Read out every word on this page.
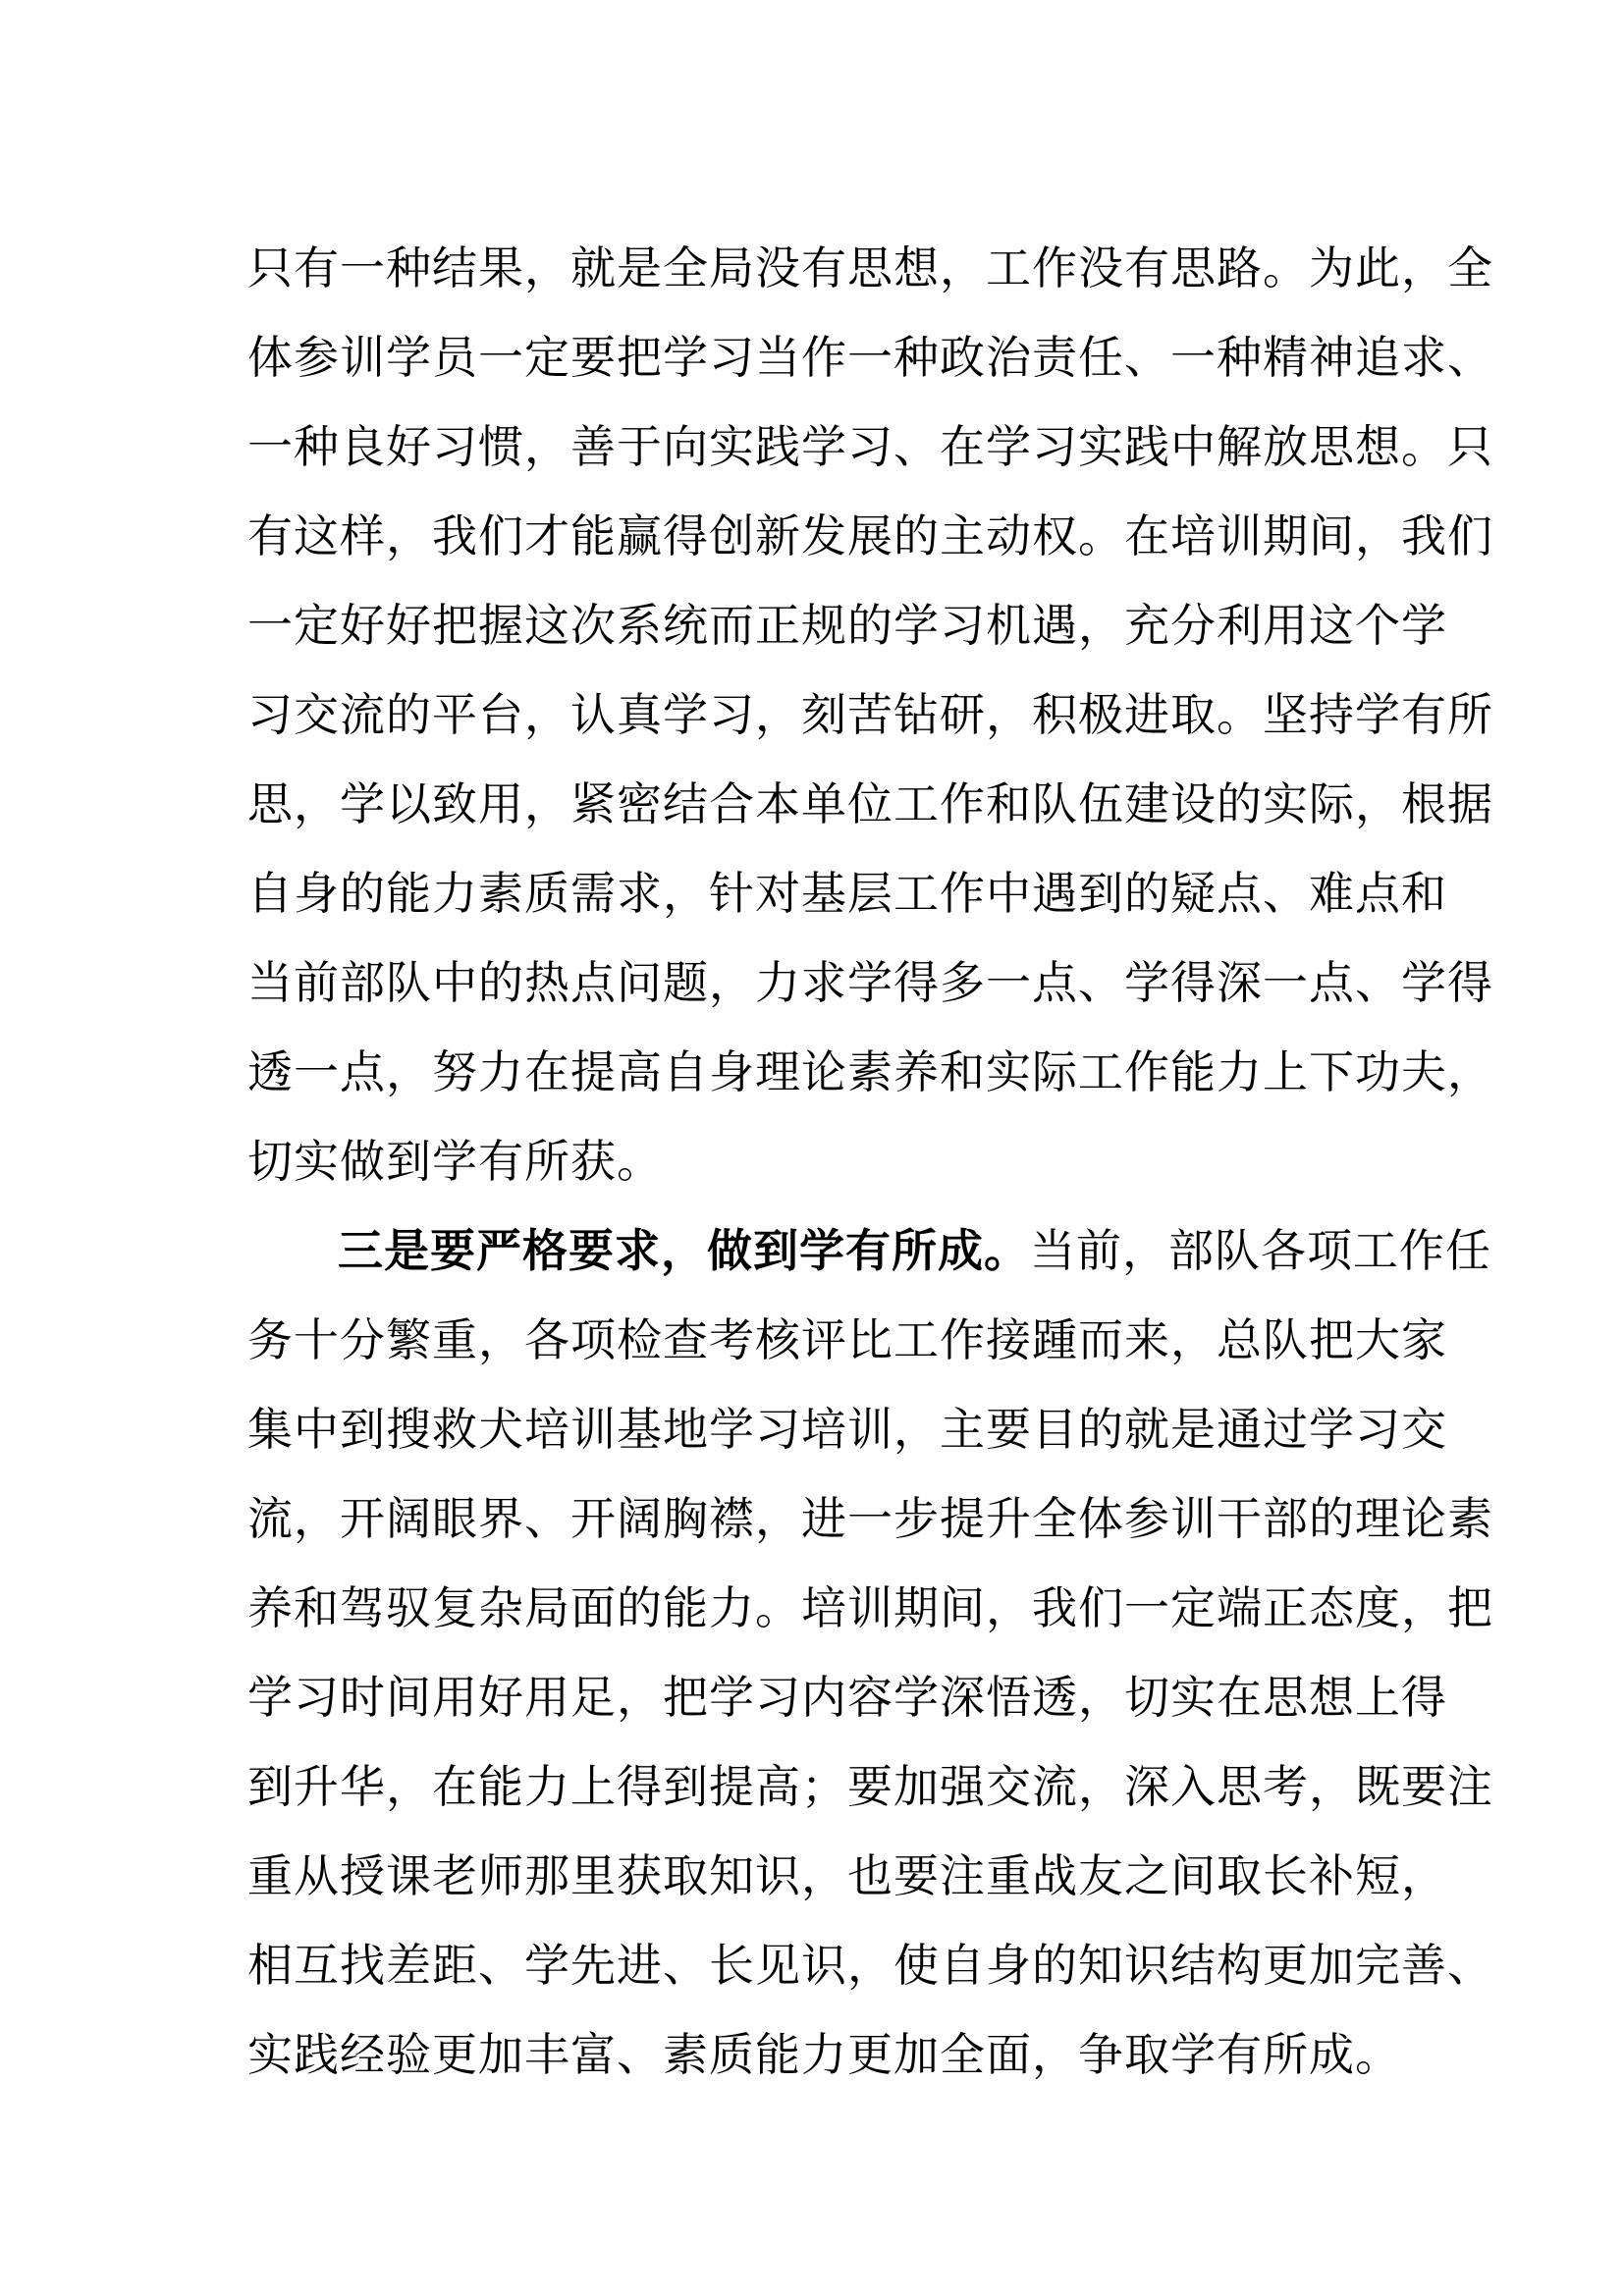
只有一种结果，就是全局没有思想，工作没有思路。为此，全
体参训学员一定要把学习当作一种政治责任、一种精神追求、
一种良好习惯，善于向实践学习、在学习实践中解放思想。只
有这样，我们才能赢得创新发展的主动权。在培训期间，我们
一定好好把握这次系统而正规的学习机遇，充分利用这个学
习交流的平台，认真学习，刻苦钻研，积极进取。坚持学有所
思，学以致用，紧密结合本单位工作和队伍建设的实际，根据
自身的能力素质需求，针对基层工作中遇到的疑点、难点和
当前部队中的热点问题，力求学得多一点、学得深一点、学得
透一点，努力在提高自身理论素养和实际工作能力上下功夫，
切实做到学有所获。
三是要严格要求，做到学有所成。当前，部队各项工作任
务十分繁重，各项检查考核评比工作接踵而来，总队把大家
集中到搜救犬培训基地学习培训，主要目的就是通过学习交
流，开阔眼界、开阔胸襟，进一步提升全体参训干部的理论素
养和驾驭复杂局面的能力。培训期间，我们一定端正态度，把
学习时间用好用足，把学习内容学深悟透，切实在思想上得
到升华，在能力上得到提高；要加强交流，深入思考，既要注
重从授课老师那里获取知识，也要注重战友之间取长补短，
相互找差距、学先进、长见识，使自身的知识结构更加完善、
实践经验更加丰富、素质能力更加全面，争取学有所成。
